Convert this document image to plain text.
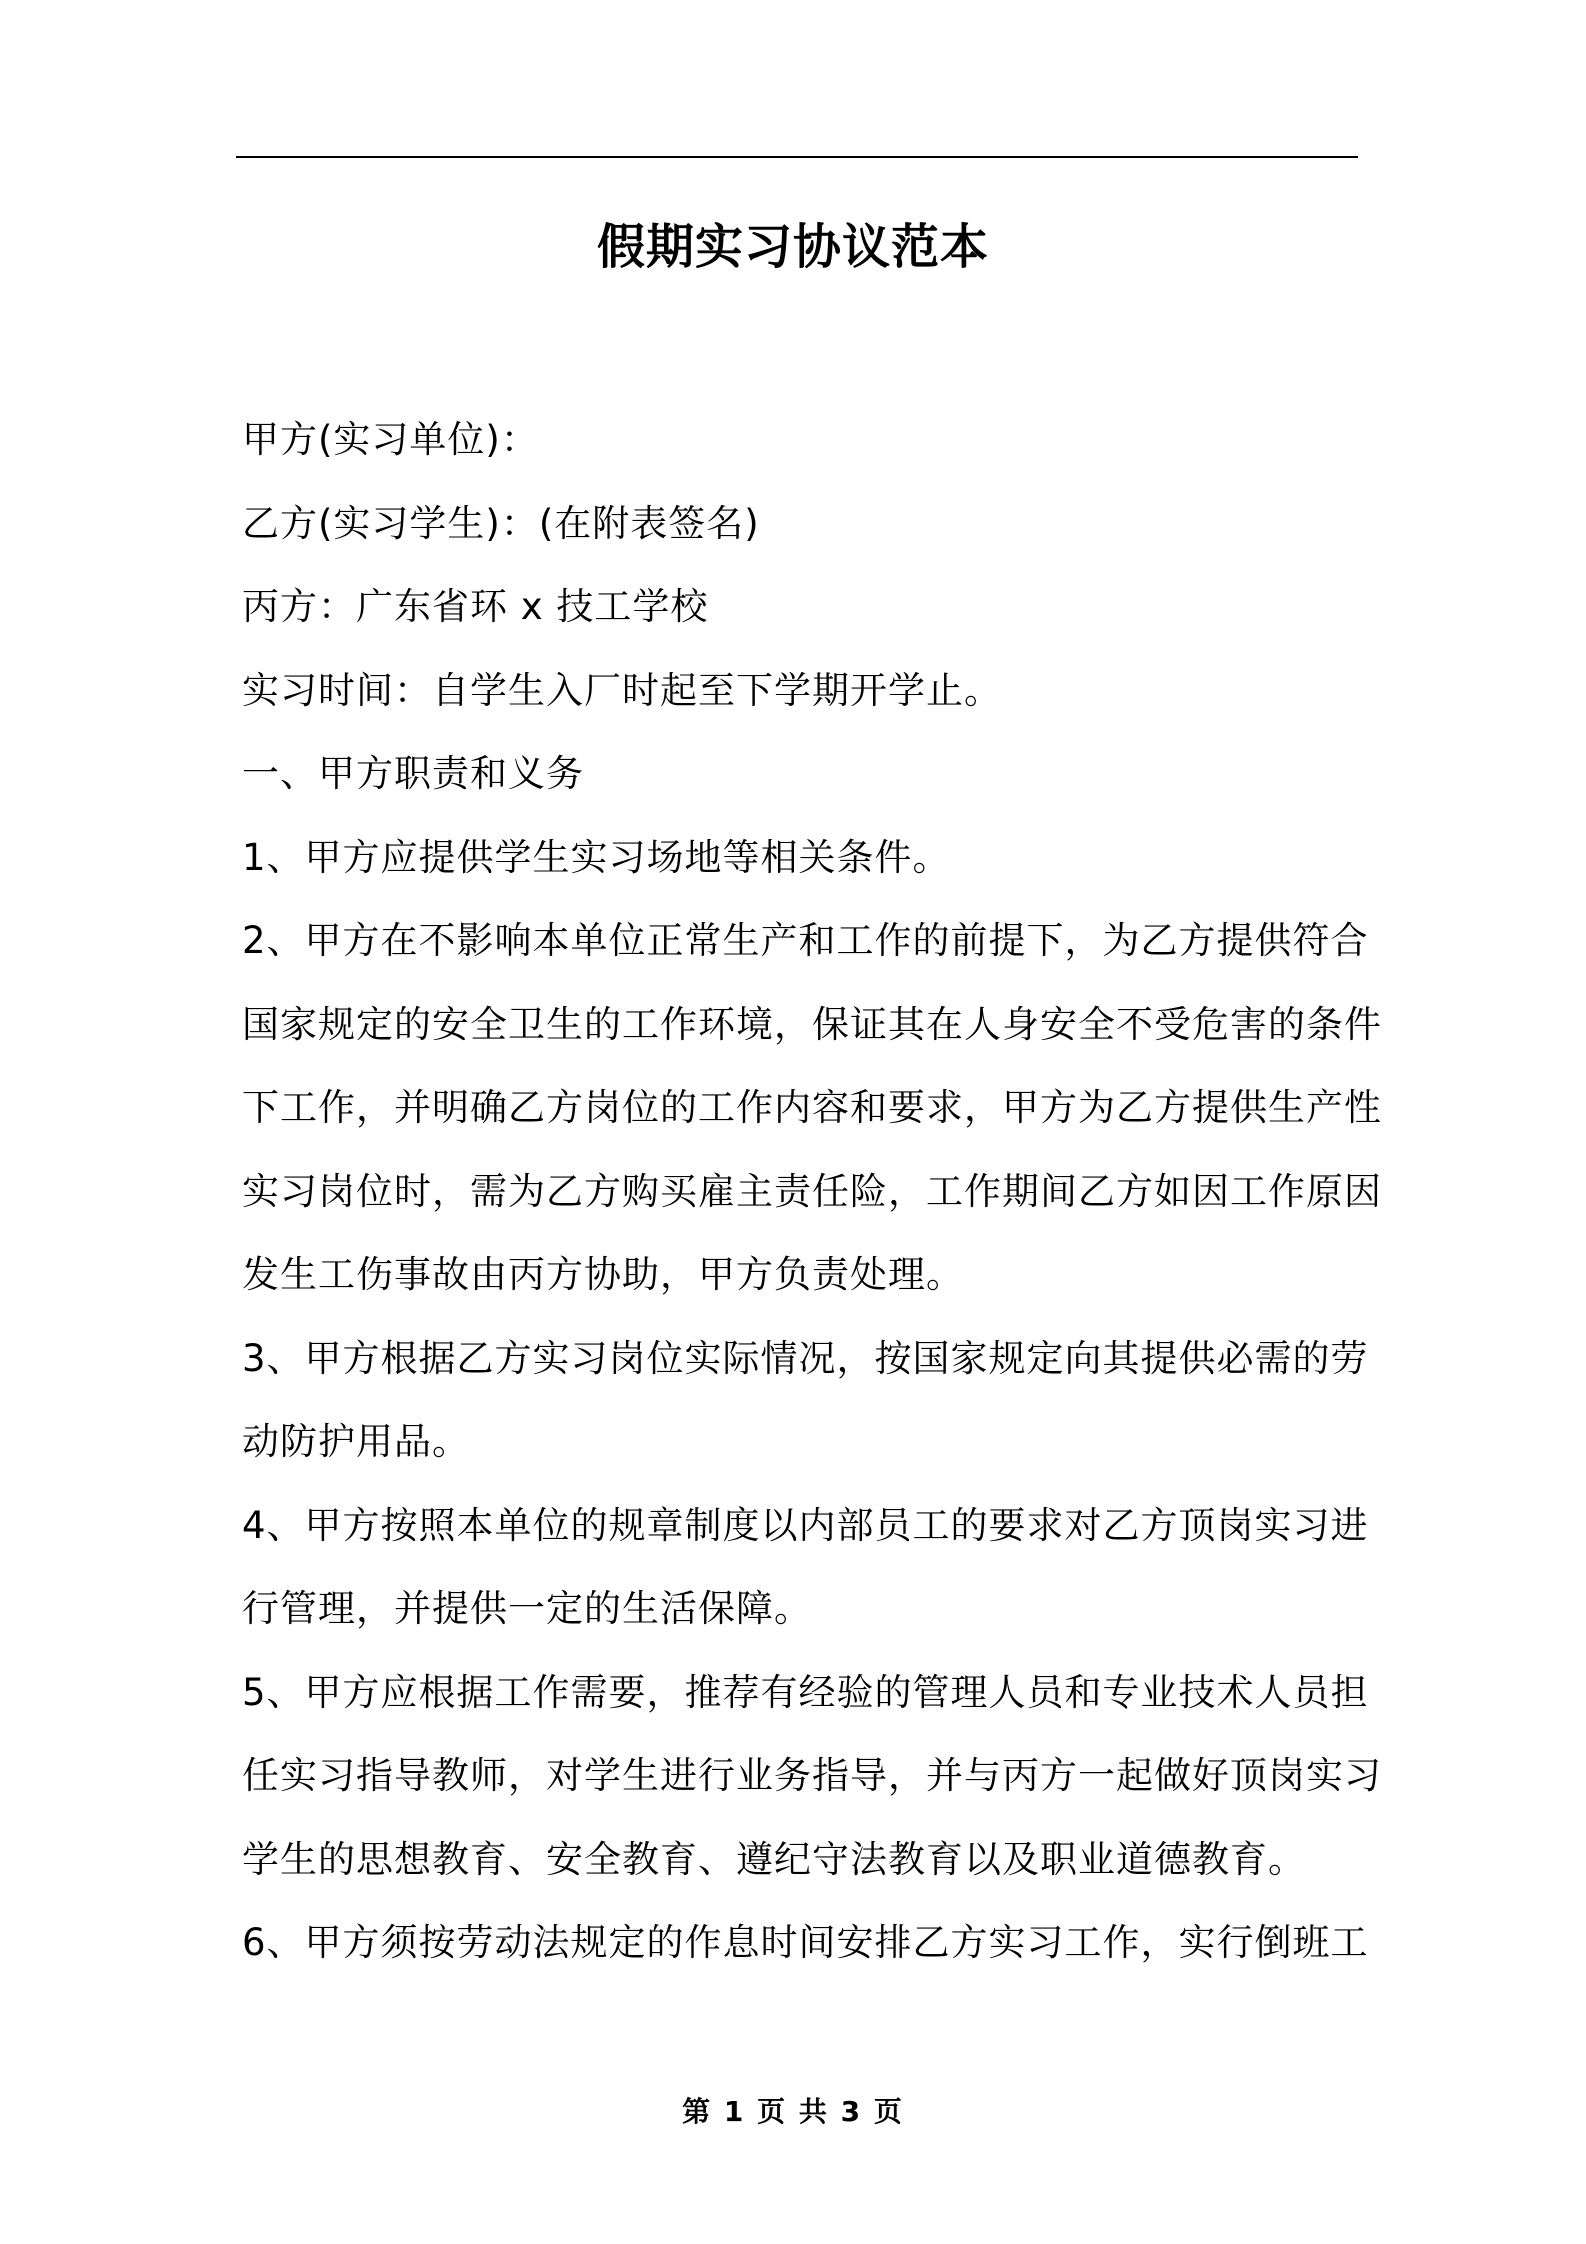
假期实习协议范本
甲方(实习单位)：
乙方(实习学生)：(在附表签名)
丙方：广东省环 x 技工学校
实习时间：自学生入厂时起至下学期开学止。
一、甲方职责和义务
1、甲方应提供学生实习场地等相关条件。
2、甲方在不影响本单位正常生产和工作的前提下，为乙方提供符合
国家规定的安全卫生的工作环境，保证其在人身安全不受危害的条件
下工作，并明确乙方岗位的工作内容和要求，甲方为乙方提供生产性
实习岗位时，需为乙方购买雇主责任险，工作期间乙方如因工作原因
发生工伤事故由丙方协助，甲方负责处理。
3、甲方根据乙方实习岗位实际情况，按国家规定向其提供必需的劳
动防护用品。
4、甲方按照本单位的规章制度以内部员工的要求对乙方顶岗实习进
行管理，并提供一定的生活保障。
5、甲方应根据工作需要，推荐有经验的管理人员和专业技术人员担
任实习指导教师，对学生进行业务指导，并与丙方一起做好顶岗实习
学生的思想教育、安全教育、遵纪守法教育以及职业道德教育。
6、甲方须按劳动法规定的作息时间安排乙方实习工作，实行倒班工
第 1 页 共 3 页
